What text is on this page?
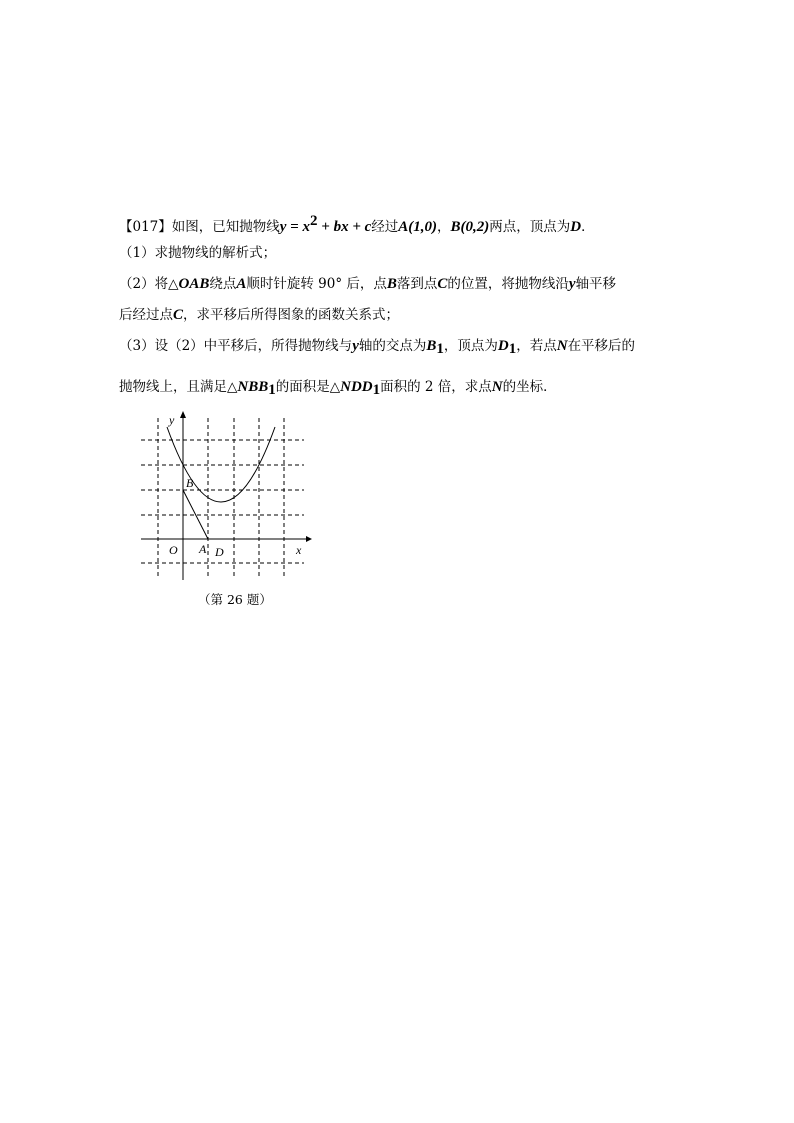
【017】如图，已知抛物线$y = x^2$ + bx + c经过A(1,0)，B(0,2)两点，顶点为D．
（1）求抛物线的解析式；
（2）将△OAB绕点A顺时针旋转 90° 后，点B落到点C的位置，将抛物线沿y轴平移
后经过点C，求平移后所得图象的函数关系式；
（3）设（2）中平移后，所得抛物线与y轴的交点为$B_1$，顶点为$D_1$，若点N在平移后的
抛物线上，且满足$\triangle NBB_1$的面积是$\triangle NDD_1$面积的 2 倍，求点N的坐标．
x
y
O A
B
D
（第 26 题）
